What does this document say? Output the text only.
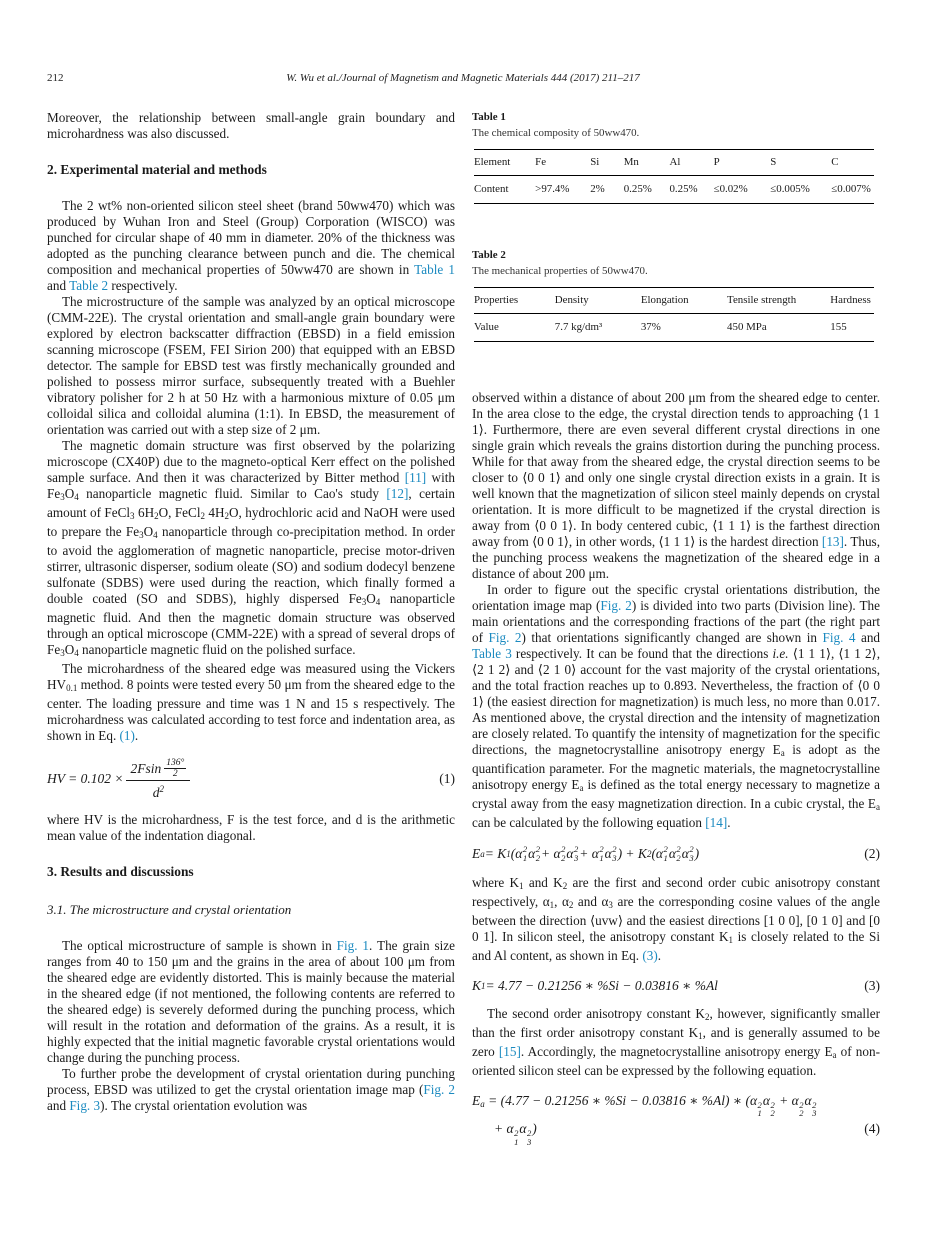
212	W. Wu et al./Journal of Magnetism and Magnetic Materials 444 (2017) 211–217

Moreover, the relationship between small-angle grain boundary and microhardness was also discussed.

2. Experimental material and methods

The 2 wt% non-oriented silicon steel sheet (brand 50ww470) which was produced by Wuhan Iron and Steel (Group) Corporation (WISCO) was punched for circular shape of 40 mm in diameter. 20% of the thickness was adopted as the punching clearance between punch and die. The chemical composition and mechanical properties of 50ww470 are shown in Table 1 and Table 2 respectively.

The microstructure of the sample was analyzed by an optical microscope (CMM-22E). The crystal orientation and small-angle grain boundary were explored by electron backscatter diffraction (EBSD) in a field emission scanning microscope (FSEM, FEI Sirion 200) that equipped with an EBSD detector. The sample for EBSD test was firstly mechanically grounded and polished to possess mirror surface, subsequently treated with a Buehler vibratory polisher for 2 h at 50 Hz with a harmonious mixture of 0.05 μm colloidal silica and colloidal alumina (1:1). In EBSD, the measurement of orientation was carried out with a step size of 2 μm.

The magnetic domain structure was first observed by the polarizing microscope (CX40P) due to the magneto-optical Kerr effect on the polished sample surface. And then it was characterized by Bitter method [11] with Fe3O4 nanoparticle magnetic fluid. Similar to Cao's study [12], certain amount of FeCl3 6H2O, FeCl2 4H2O, hydrochloric acid and NaOH were used to prepare the Fe3O4 nanoparticle through co-precipitation method. In order to avoid the agglomeration of magnetic nanoparticle, precise motor-driven stirrer, ultrasonic disperser, sodium oleate (SO) and sodium dodecyl benzene sulfonate (SDBS) were used during the reaction, which finally formed a double coated (SO and SDBS), highly dispersed Fe3O4 nanoparticle magnetic fluid. And then the magnetic domain structure was observed through an optical microscope (CMM-22E) with a spread of several drops of Fe3O4 nanoparticle magnetic fluid on the polished surface.

The microhardness of the sheared edge was measured using the Vickers HV0.1 method. 8 points were tested every 50 μm from the sheared edge to the center. The loading pressure and time was 1 N and 15 s respectively. The microhardness was calculated according to test force and indentation area, as shown in Eq. (1).

HV = $0.102 \times \frac{2Fsin \frac{136^\circ}{2}}{d^2}$	(1)

where HV is the microhardness, F is the test force, and d is the arithmetic mean value of the indentation diagonal.

3. Results and discussions
3.1. The microstructure and crystal orientation

The optical microstructure of sample is shown in Fig. 1. The grain size ranges from 40 to 150 μm and the grains in the area of about 100 μm from the sheared edge are evidently distorted. This is mainly because the material in the sheared edge (if not mentioned, the following contents are referred to the sheared edge) is severely deformed during the punching process, which will result in the rotation and deformation of the grains. As a result, it is highly expected that the initial magnetic favorable crystal orientations would change during the punching process.

To further probe the development of crystal orientation during punching process, EBSD was utilized to get the crystal orientation image map (Fig. 2 and Fig. 3). The crystal orientation evolution was

Table 1
The chemical composity of 50ww470.
Element	Fe	Si	Mn	Al	P	S	C
Content	>97.4%	2%	0.25%	0.25%	≤0.02%	≤0.005%	≤0.007%
Table 2
The mechanical properties of 50ww470.
Properties	Density	Elongation	Tensile strength	Hardness
Value	7.7 kg/dm³	37%	450 MPa	155

observed within a distance of about 200 μm from the sheared edge to center. In the area close to the edge, the crystal direction tends to approaching ⟨1 1 1⟩. Furthermore, there are even several different crystal directions in one single grain which reveals the grains distortion during the punching process. While for that away from the sheared edge, the crystal direction seems to be closer to ⟨0 0 1⟩ and only one single crystal direction exists in a grain. It is well known that the magnetization of silicon steel mainly depends on crystal orientation. It is more difficult to be magnetized if the crystal direction is away from ⟨0 0 1⟩. In body centered cubic, ⟨1 1 1⟩ is the farthest direction away from ⟨0 0 1⟩, in other words, ⟨1 1 1⟩ is the hardest direction [13]. Thus, the punching process weakens the magnetization of the sheared edge in a distance of about 200 μm.

In order to figure out the specific crystal orientations distribution, the orientation image map (Fig. 2) is divided into two parts (Division line). The main orientations and the corresponding fractions of the part (the right part of Fig. 2) that orientations significantly changed are shown in Fig. 4 and Table 3 respectively. It can be found that the directions i.e. ⟨1 1 1⟩, ⟨1 1 2⟩, ⟨2 1 2⟩ and ⟨2 1 0⟩ account for the vast majority of the crystal orientations, and the total fraction reaches up to 0.893. Nevertheless, the fraction of ⟨0 0 1⟩ (the easiest direction for magnetization) is much less, no more than 0.017. As mentioned above, the crystal direction and the intensity of magnetization are closely related. To quantify the intensity of magnetization for the specific directions, the magnetocrystalline anisotropy energy Ea is adopt as the quantification parameter. For the magnetic materials, the magnetocrystalline anisotropy energy Ea is defined as the total energy necessary to magnetize a crystal away from the easy magnetization direction. In a cubic crystal, the Ea can be calculated by the following equation [14].

E a = K 1 (α 2
1 α 2
2 + α 2
2 α 2
3 + α 2
1 α 2
3 ) + K 2 (α 2
1 α 2
2 α 2
3 )	(2)

where K1 and K2 are the first and second order cubic anisotropy constant respectively, α1, α2 and α3 are the corresponding cosine values of the angle between the direction ⟨uvw⟩ and the easiest directions [1 0 0], [0 1 0] and [0 0 1]. In silicon steel, the anisotropy constant K1 is closely related to the Si and Al content, as shown in Eq. (3).

K 1 = 4.77 − 0.21256 ∗ %Si − 0.03816 ∗ %Al	(3)

The second order anisotropy constant K2, however, significantly smaller than the first order anisotropy constant K1, and is generally assumed to be zero [15]. Accordingly, the magnetocrystalline anisotropy energy Ea of non-oriented silicon steel can be expressed by the following equation.

Ea = (4.77 − 0.21256 ∗ %Si − 0.03816 ∗ %Al) ∗ (α 2
1
α 2
2
+ α 2
2
α 2
3
+ α 2
1
α 2
3
)	(4)
